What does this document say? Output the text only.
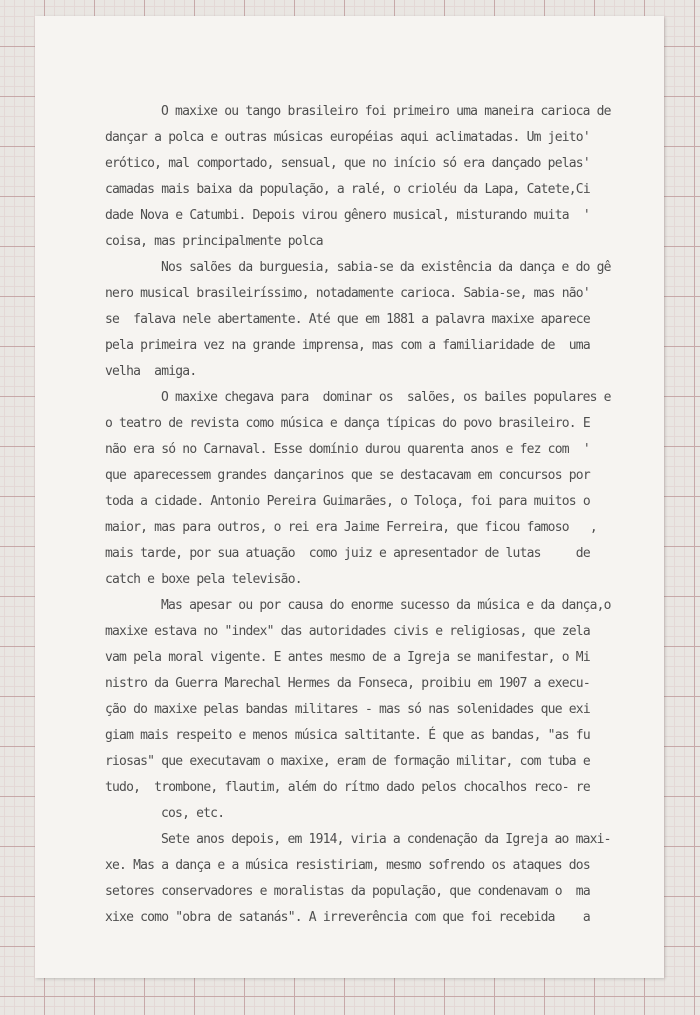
O maxixe ou tango brasileiro foi primeiro uma maneira carioca de
dançar a polca e outras músicas européias aqui aclimatadas. Um jeito'
erótico, mal comportado, sensual, que no início só era dançado pelas'
camadas mais baixa da população, a ralé, o crioléu da Lapa, Catete,Ci
dade Nova e Catumbi. Depois virou gênero musical, misturando muita  '
coisa, mas principalmente polca
Nos salões da burguesia, sabia-se da existência da dança e do gê
nero musical brasileiríssimo, notadamente carioca. Sabia-se, mas não'
se  falava nele abertamente. Até que em 1881 a palavra maxixe aparece
pela primeira vez na grande imprensa, mas com a familiaridade de  uma
velha  amiga.
O maxixe chegava para  dominar os  salões, os bailes populares e
o teatro de revista como música e dança típicas do povo brasileiro. E
não era só no Carnaval. Esse domínio durou quarenta anos e fez com  '
que aparecessem grandes dançarinos que se destacavam em concursos por
toda a cidade. Antonio Pereira Guimarães, o Toloça, foi para muitos o
maior, mas para outros, o rei era Jaime Ferreira, que ficou famoso   ,
mais tarde, por sua atuação  como juiz e apresentador de lutas     de
catch e boxe pela televisão.
Mas apesar ou por causa do enorme sucesso da música e da dança,o
maxixe estava no "index" das autoridades civis e religiosas, que zela
vam pela moral vigente. E antes mesmo de a Igreja se manifestar, o Mi
nistro da Guerra Marechal Hermes da Fonseca, proibiu em 1907 a execu-
ção do maxixe pelas bandas militares - mas só nas solenidades que exi
giam mais respeito e menos música saltitante. É que as bandas, "as fu
riosas" que executavam o maxixe, eram de formação militar, com tuba e
tudo,  trombone, flautim, além do rítmo dado pelos chocalhos reco- re
cos, etc.
Sete anos depois, em 1914, viria a condenação da Igreja ao maxi-
xe. Mas a dança e a música resistiriam, mesmo sofrendo os ataques dos
setores conservadores e moralistas da população, que condenavam o  ma
xixe como "obra de satanás". A irreverência com que foi recebida    a
